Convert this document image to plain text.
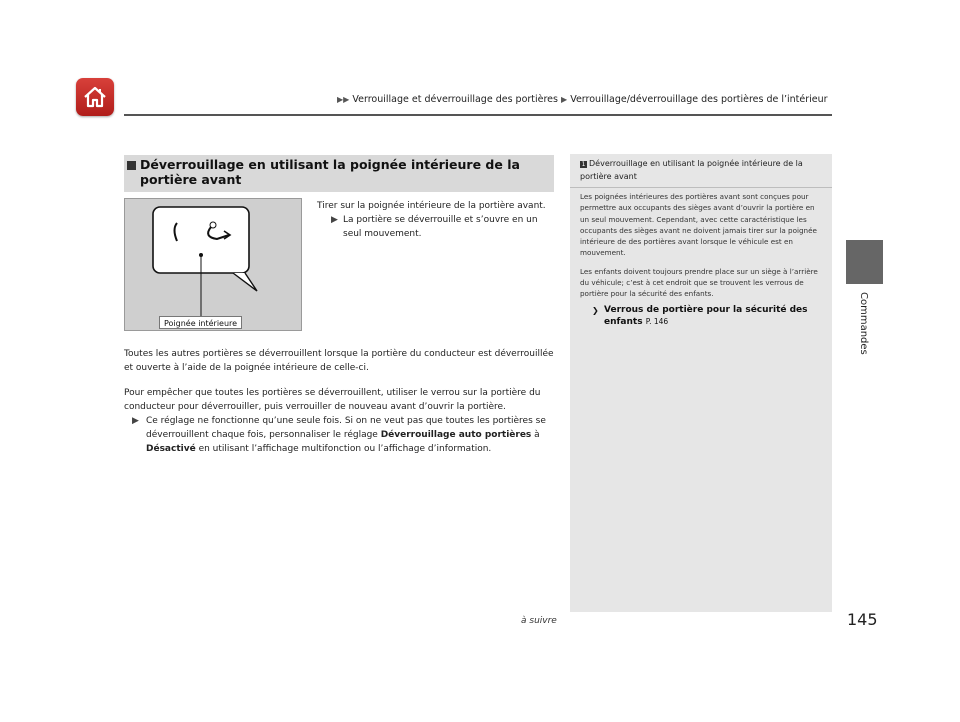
▶▶ Verrouillage et déverrouillage des portières ▶ Verrouillage/déverrouillage des portières de l’intérieur
Commandes
Déverrouillage en utilisant la poignée intérieure de la portière avant
Poignée intérieure
Tirer sur la poignée intérieure de la portière avant.
▶ La portière se déverrouille et s’ouvre en un seul mouvement.
Toutes les autres portières se déverrouillent lorsque la portière du conducteur est déverrouillée et ouverte à l’aide de la poignée intérieure de celle-ci.
Pour empêcher que toutes les portières se déverrouillent, utiliser le verrou sur la portière du conducteur pour déverrouiller, puis verrouiller de nouveau avant d’ouvrir la portière.
▶ Ce réglage ne fonctionne qu’une seule fois. Si on ne veut pas que toutes les portières se déverrouillent chaque fois, personnaliser le réglage Déverrouillage auto portières à Désactivé en utilisant l’affichage multifonction ou l’affichage d’information.
1 Déverrouillage en utilisant la poignée intérieure de la portière avant

Les poignées intérieures des portières avant sont conçues pour permettre aux occupants des sièges avant d’ouvrir la portière en un seul mouvement. Cependant, avec cette caractéristique les occupants des sièges avant ne doivent jamais tirer sur la poignée intérieure de des portières avant lorsque le véhicule est en mouvement.

Les enfants doivent toujours prendre place sur un siège à l’arrière du véhicule; c’est à cet endroit que se trouvent les verrous de portière pour la sécurité des enfants.

❯ Verrous de portière pour la sécurité des enfants P. 146
à suivre	145
